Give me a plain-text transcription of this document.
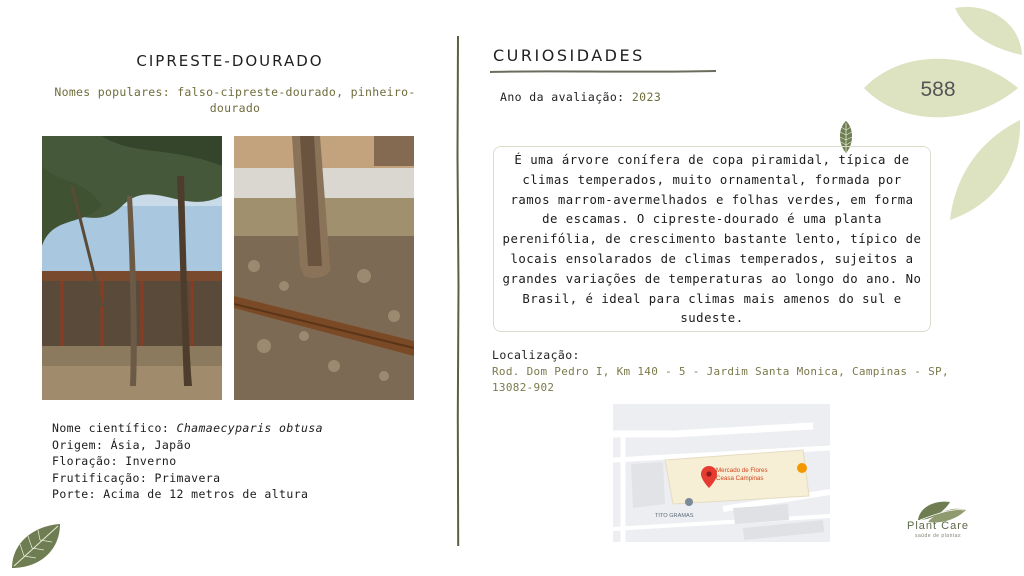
588
CIPRESTE-DOURADO
Nomes populares: falso-cipreste-dourado, pinheiro-dourado
Nome científico: Chamaecyparis obtusa
Origem: Ásia, Japão
Floração: Inverno
Frutificação: Primavera
Porte: Acima de 12 metros de altura
CURIOSIDADES
Ano da avaliação: 2023

É uma árvore conífera de copa piramidal, típica de climas temperados, muito ornamental, formada por ramos marrom-avermelhados e folhas verdes, em forma de escamas. O cipreste-dourado é uma planta perenifólia, de crescimento bastante lento, típico de locais ensolarados de climas temperados, sujeitos a grandes variações de temperaturas ao longo do ano. No Brasil, é ideal para climas mais amenos do sul e sudeste.

Localização:
Rod. Dom Pedro I, Km 140 - 5 - Jardim Santa Monica, Campinas - SP, 13082-902
Mercado de Flores
Ceasa Campinas
TITO GRAMAS
Plant Care
saúde de plantas
